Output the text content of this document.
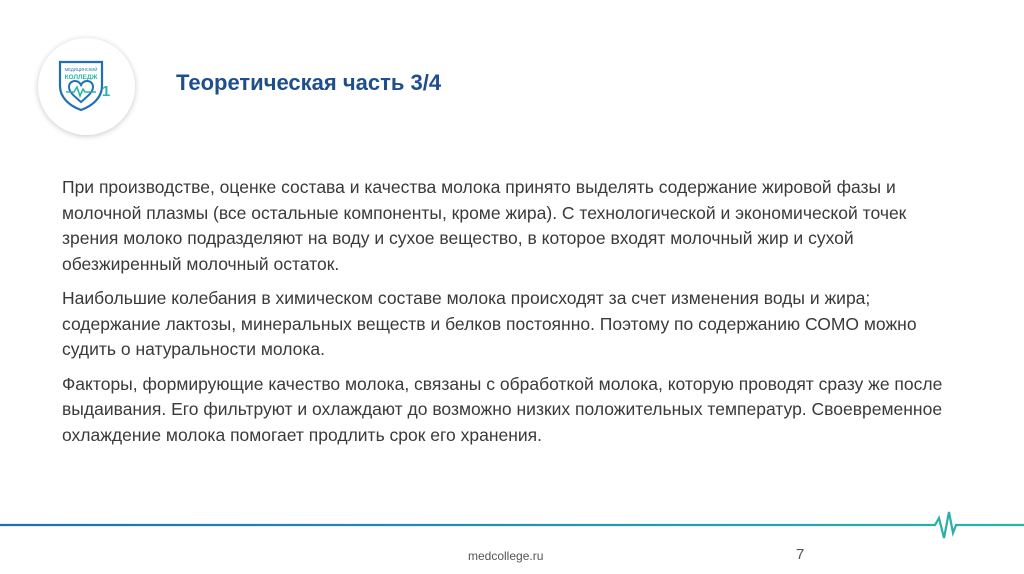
МЕДИЦИНСКИЙ
КОЛЛЕДЖ
1	Теоретическая часть 3/4

При производстве, оценке состава и качества молока принято выделять содержание жировой фазы и молочной плазмы (все остальные компоненты, кроме жира). С технологической и экономической точек зрения молоко подразделяют на воду и сухое вещество, в которое входят молочный жир и сухой обезжиренный молочный остаток.

Наибольшие колебания в химическом составе молока происходят за счет изменения воды и жира; содержание лактозы, минеральных веществ и белков постоянно. Поэтому по содержанию СОМО можно судить о натуральности молока.

Факторы, формирующие качество молока, связаны с обработкой молока, которую проводят сразу же после выдаивания. Его фильтруют и охлаждают до возможно низких положительных температур. Своевременное охлаждение молока помогает продлить срок его хранения.

medcollege.ru	7
